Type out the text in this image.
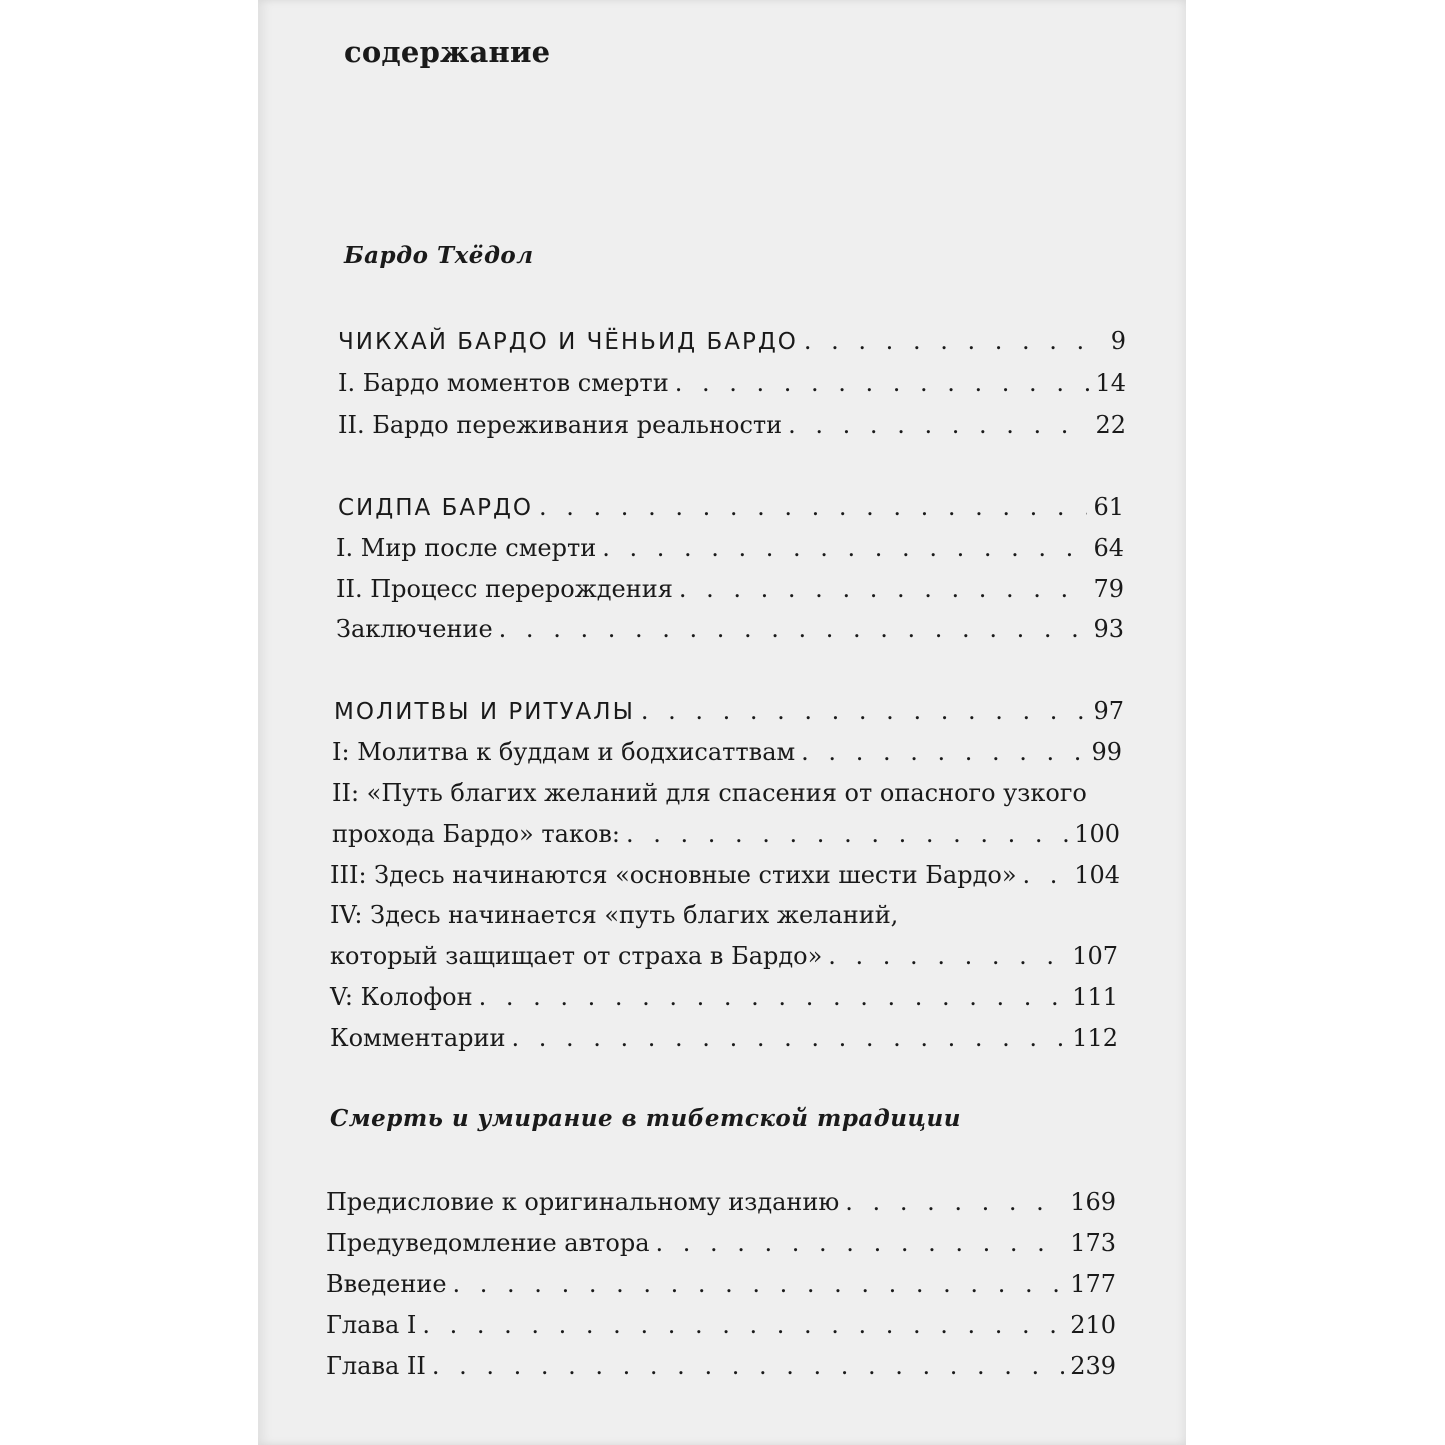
содержание
Бардо Тхёдол
ЧИКХАЙ БАРДО И ЧЁНЬИД БАРДО . . .	9
I. Бардо моментов смерти . . .	14
II. Бардо переживания реальности . . .	22
СИДПА БАРДО . . .	61
I. Мир после смерти . . .	64
II. Процесс перерождения . . .	79
Заключение . . .	93
МОЛИТВЫ И РИТУАЛЫ . . .	97
I: Молитва к буддам и бодхисаттвам . . .	99
II: «Путь благих желаний для спасения от опасного узкого
прохода Бардо» таков: . . .	100
III: Здесь начинаются «основные стихи шести Бардо» . . . 104
IV: Здесь начинается «путь благих желаний,
который защищает от страха в Бардо» . . .	107
V: Колофон . . .	111
Комментарии . . .	112
Смерть и умирание в тибетской традиции
Предисловие к оригинальному изданию . . .	169
Предуведомление автора . . .	173
Введение . . .	177
Глава I . . .	210
Глава II . . .	239
